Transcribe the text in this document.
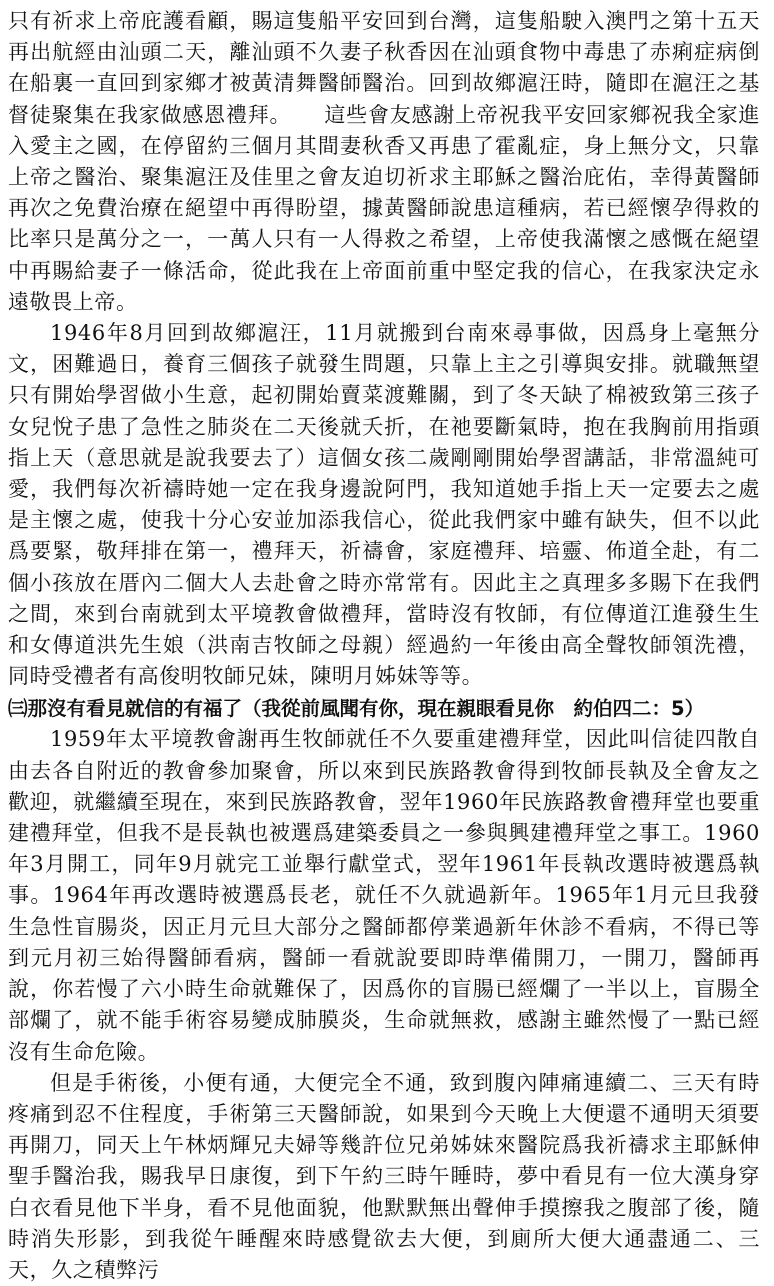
只有祈求上帝庇護看顧，賜這隻船平安回到台灣，這隻船駛入澳門之第十五天再出航經由汕頭二天，離汕頭不久妻子秋香因在汕頭食物中毒患了赤痢症病倒在船裏一直回到家鄉才被黃清舞醫師醫治。回到故鄉滬汪時，隨即在滬汪之基督徒聚集在我家做感恩禮拜。　　這些會友感謝上帝祝我平安回家鄉祝我全家進入愛主之國，在停留約三個月其間妻秋香又再患了霍亂症，身上無分文，只靠上帝之醫治、聚集滬汪及佳里之會友迫切祈求主耶穌之醫治庇佑，幸得黃醫師再次之免費治療在絕望中再得盼望，據黃醫師說患這種病，若已經懷孕得救的比率只是萬分之一，一萬人只有一人得救之希望，上帝使我滿懷之感慨在絕望中再賜給妻子一條活命，從此我在上帝面前重中堅定我的信心，在我家決定永遠敬畏上帝。

1946年8月回到故鄉滬汪，11月就搬到台南來尋事做，因爲身上毫無分文，困難過日，養育三個孩子就發生問題，只靠上主之引導與安排。就職無望只有開始學習做小生意，起初開始賣菜渡難關，到了冬天缺了棉被致第三孩子女兒悅子患了急性之肺炎在二天後就夭折，在祂要斷氣時，抱在我胸前用指頭指上天（意思就是說我要去了）這個女孩二歲剛剛開始學習講話，非常溫純可愛，我們每次祈禱時她一定在我身邊說阿門，我知道她手指上天一定要去之處是主懷之處，使我十分心安並加添我信心，從此我們家中雖有缺失，但不以此爲要緊，敬拜排在第一，禮拜天，祈禱會，家庭禮拜、培靈、佈道全赴，有二個小孩放在厝內二個大人去赴會之時亦常常有。因此主之真理多多賜下在我們之間，來到台南就到太平境教會做禮拜，當時沒有牧師，有位傳道江進發生生和女傳道洪先生娘（洪南吉牧師之母親）經過約一年後由高全聲牧師領洗禮，同時受禮者有高俊明牧師兄妹，陳明月姊妹等等。

㈢那沒有看見就信的有福了（我從前風聞有你，現在親眼看見你　約伯四二：5）

1959年太平境教會謝再生牧師就任不久要重建禮拜堂，因此叫信徒四散自由去各自附近的教會參加聚會，所以來到民族路教會得到牧師長執及全會友之歡迎，就繼續至現在，來到民族路教會，翌年1960年民族路教會禮拜堂也要重建禮拜堂，但我不是長執也被選爲建築委員之一參與興建禮拜堂之事工。1960年3月開工，同年9月就完工並舉行獻堂式，翌年1961年長執改選時被選爲執事。1964年再改選時被選爲長老，就任不久就過新年。1965年1月元旦我發生急性盲腸炎，因正月元旦大部分之醫師都停業過新年休診不看病，不得已等到元月初三始得醫師看病，醫師一看就說要即時準備開刀，一開刀，醫師再說，你若慢了六小時生命就難保了，因爲你的盲腸已經爛了一半以上，盲腸全部爛了，就不能手術容易變成肺膜炎，生命就無救，感謝主雖然慢了一點已經沒有生命危險。

但是手術後，小便有通，大便完全不通，致到腹內陣痛連續二、三天有時疼痛到忍不住程度，手術第三天醫師說，如果到今天晚上大便還不通明天須要再開刀，同天上午林炳輝兄夫婦等幾許位兄弟姊妹來醫院爲我祈禱求主耶穌伸聖手醫治我，賜我早日康復，到下午約三時午睡時，夢中看見有一位大漢身穿白衣看見他下半身，看不見他面貌，他默默無出聲伸手摸擦我之腹部了後，隨時消失形影，到我從午睡醒來時感覺欲去大便，到廁所大便大通盡通二、三天，久之積弊污
